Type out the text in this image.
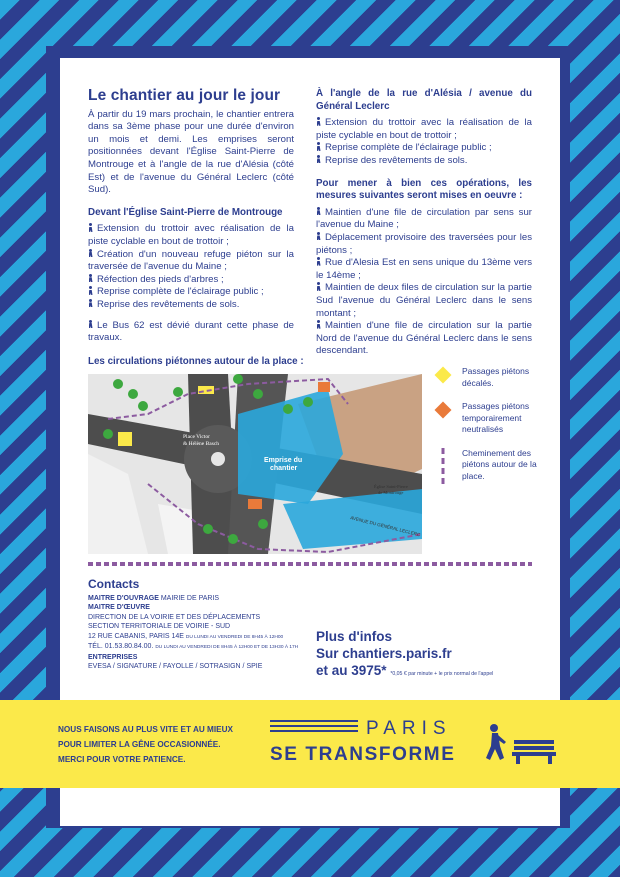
Le chantier au jour le jour

À partir du 19 mars prochain, le chantier entrera dans sa 3ème phase pour une durée d'environ un mois et demi. Les emprises seront positionnées devant l'Église Saint-Pierre de Montrouge et à l'angle de la rue d'Alésia (côté Est) et de l'avenue du Général Leclerc (côté Sud).

Devant l'Église Saint-Pierre de Montrouge
Extension du trottoir avec réalisation de la piste cyclable en bout de trottoir ;
Création d'un nouveau refuge piéton sur la traversée de l'avenue du Maine ;
Réfection des pieds d'arbres ;
Reprise complète de l'éclairage public ;
Reprise des revêtements de sols.
Le Bus 62 est dévié durant cette phase de travaux.
À l'angle de la rue d'Alésia / avenue du Général Leclerc
Extension du trottoir avec la réalisation de la piste cyclable en bout de trottoir ;
Reprise complète de l'éclairage public ;
Reprise des revêtements de sols.
Pour mener à bien ces opérations, les mesures suivantes seront mises en oeuvre :
Maintien d'une file de circulation par sens sur l'avenue du Maine ;
Déplacement provisoire des traversées pour les piétons ;
Rue d'Alesia Est en sens unique du 13ème vers le 14ème ;
Maintien de deux files de circulation sur la partie Sud l'avenue du Général Leclerc dans le sens montant ;
Maintien d'une file de circulation sur la partie Nord de l'avenue du Général Leclerc dans le sens descendant.
Les circulations piétonnes autour de la place :
Place Victor
& Hélène Basch
Emprise du
chantier
Église Saint-Pierre
de Montrouge
AVENUE DU GÉNÉRAL LECLERC
Passages piétons décalés.
Passages piétons temporairement neutralisés
Cheminement des piétons autour de la place.
Contacts
MAITRE D'OUVRAGE MAIRIE DE PARIS
MAITRE D'ŒUVRE
DIRECTION DE LA VOIRIE ET DES DÉPLACEMENTS
SECTION TERRITORIALE DE VOIRIE - SUD
12 RUE CABANIS, PARIS 14E DU LUNDI AU VENDREDI DE 8H45 À 12H00
TÉL. 01.53.80.84.00. DU LUNDI AU VENDREDI DE 8H45 À 12H00 ET DE 13H30 À 17H
ENTREPRISES
EVESA / SIGNATURE / FAYOLLE / SOTRASIGN / SPIE
Plus d'infos
Sur chantiers.paris.fr
et au 3975* *0,05 € par minute + le prix normal de l'appel
NOUS FAISONS AU PLUS VITE ET AU MIEUX
POUR LIMITER LA GÊNE OCCASIONNÉE.
MERCI POUR VOTRE PATIENCE.
PARIS
SE TRANSFORME
